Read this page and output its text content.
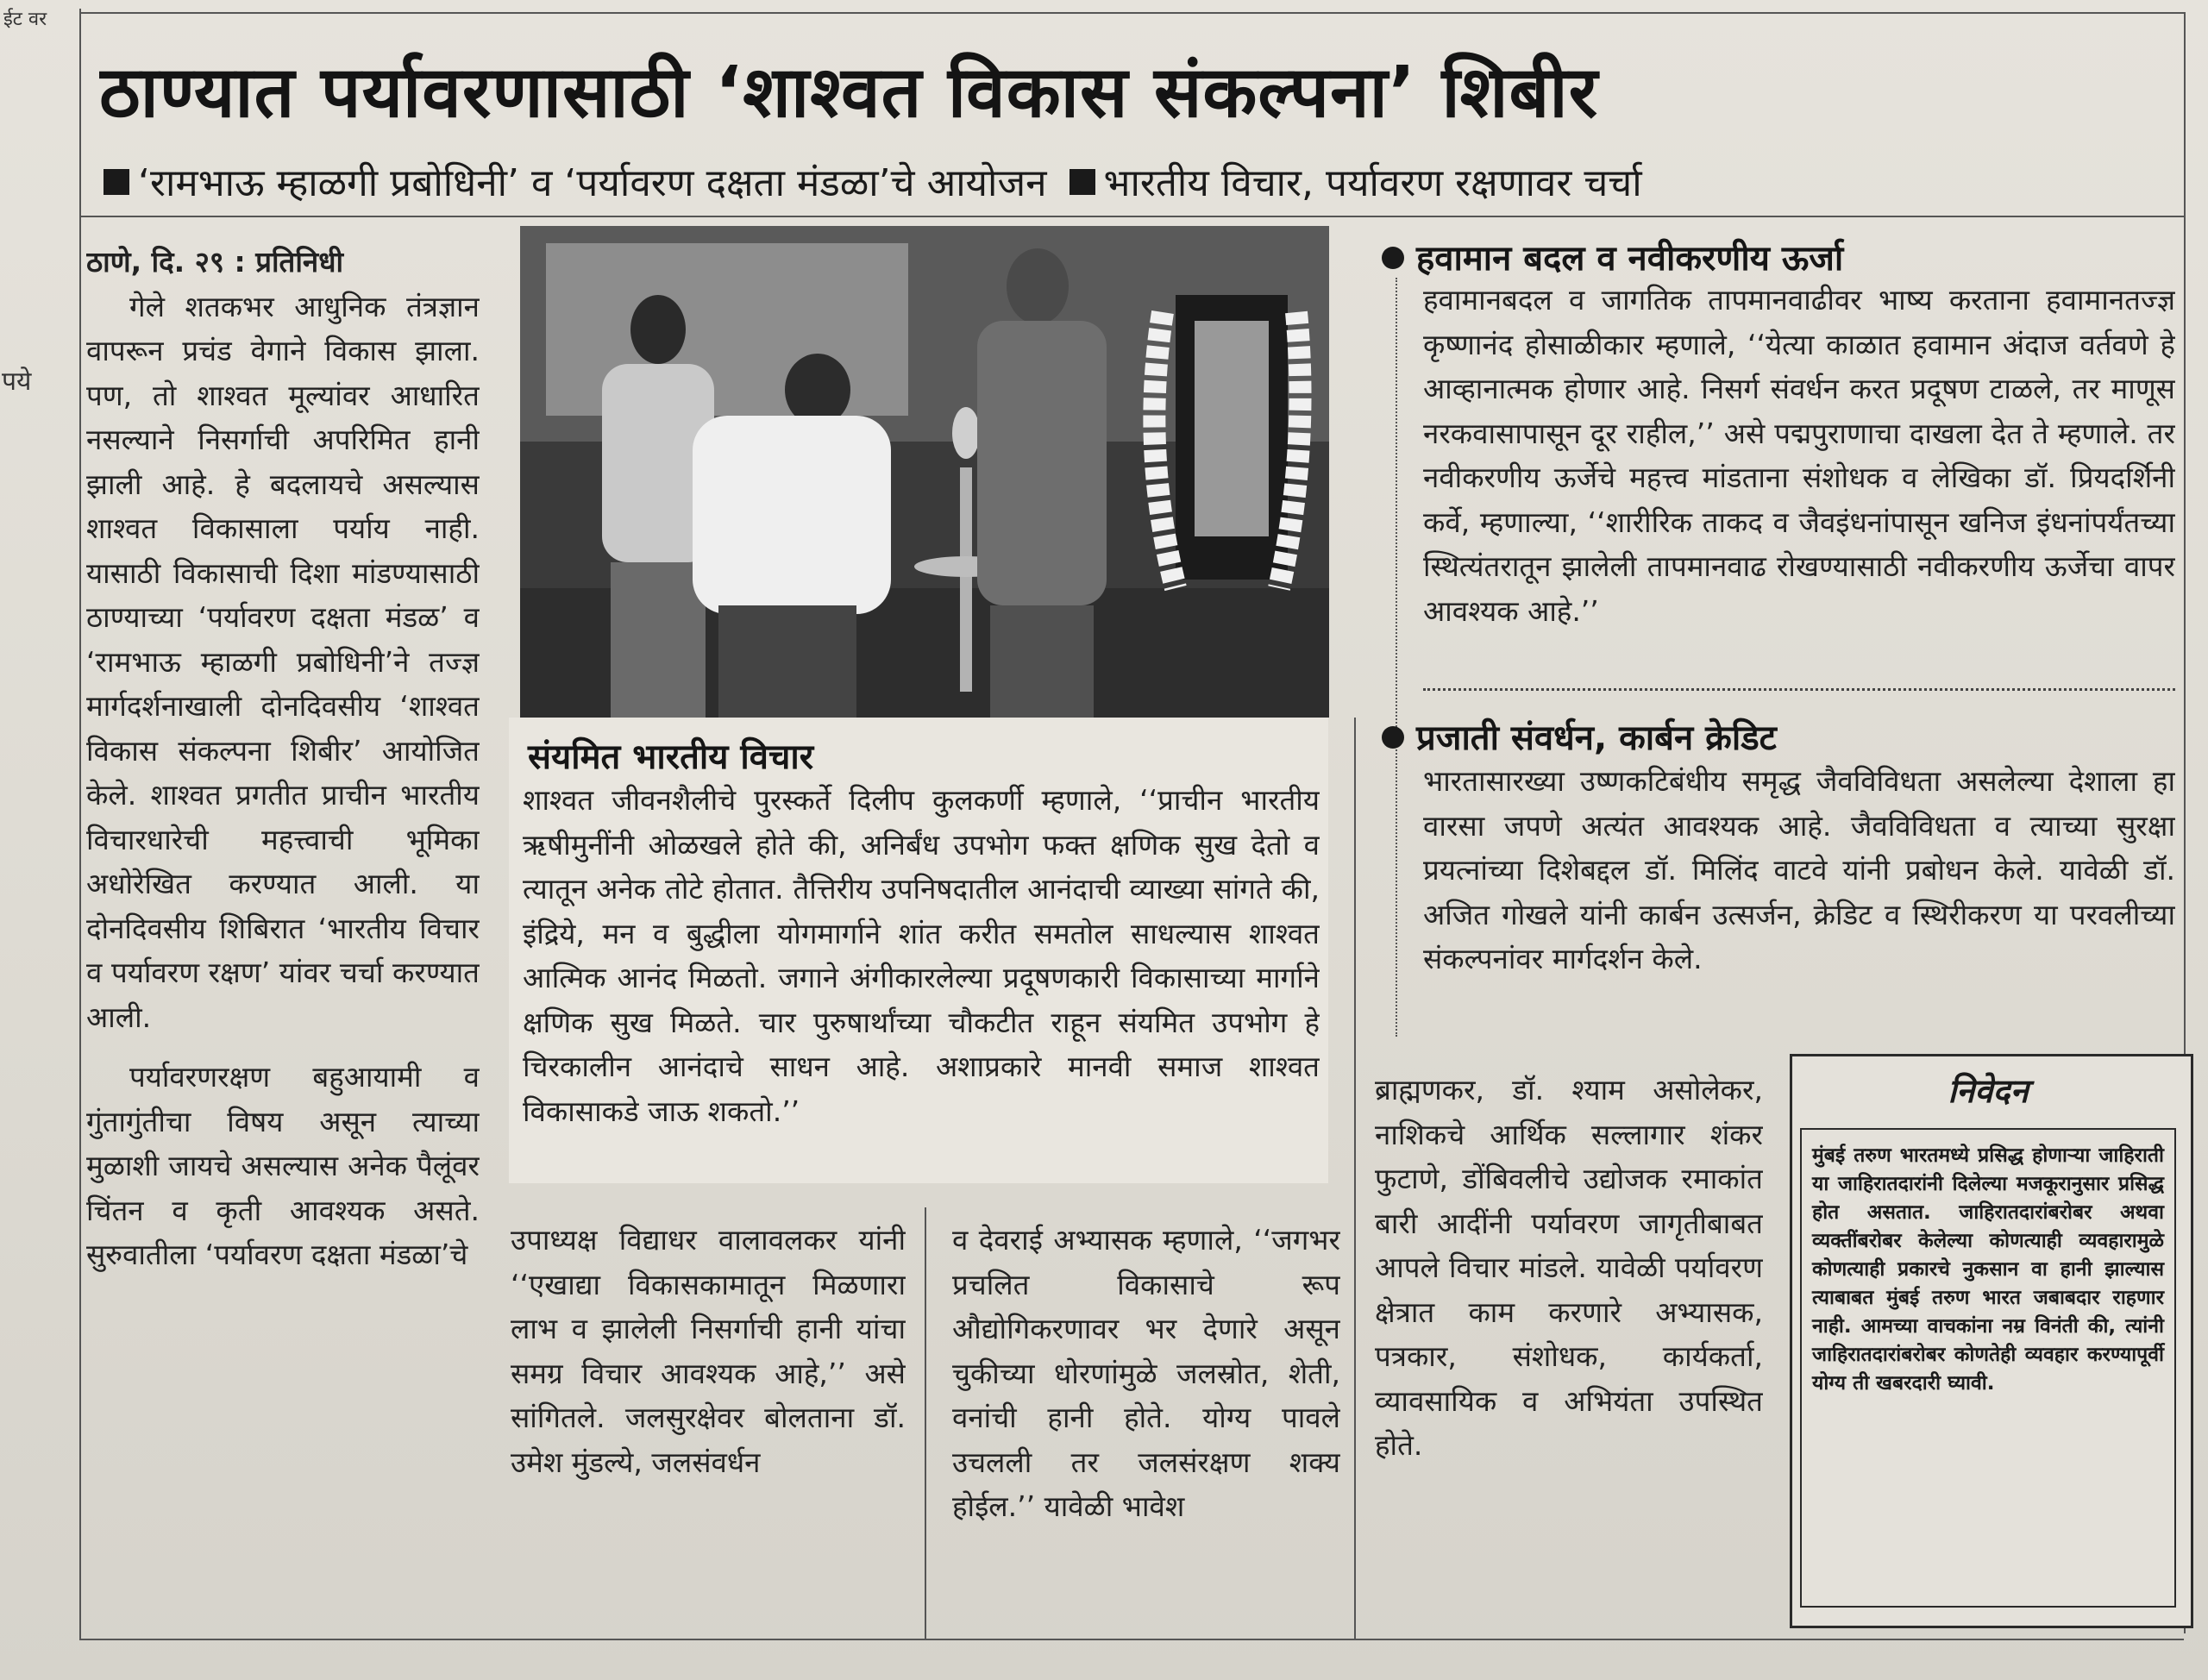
ईट वर
पये
ठाण्यात पर्यावरणासाठी ‘शाश्वत विकास संकल्पना’ शिबीर
‘रामभाऊ म्हाळगी प्रबोधिनी’ व ‘पर्यावरण दक्षता मंडळा’चे आयोजन भारतीय विचार, पर्यावरण रक्षणावर चर्चा

ठाणे, दि. २९ : प्रतिनिधी

गेले शतकभर आधुनिक तंत्रज्ञान वापरून प्रचंड वेगाने विकास झाला. पण, तो शाश्वत मूल्यांवर आधारित नसल्याने निसर्गाची अपरिमित हानी झाली आहे. हे बदलायचे असल्यास शाश्वत विकासाला पर्याय नाही. यासाठी विकासाची दिशा मांडण्यासाठी ठाण्याच्या ‘पर्यावरण दक्षता मंडळ’ व ‘रामभाऊ म्हाळगी प्रबोधिनी’ने तज्ज्ञ मार्गदर्शनाखाली दोनदिवसीय ‘शाश्वत विकास संकल्पना शिबीर’ आयोजित केले. शाश्वत प्रगतीत प्राचीन भारतीय विचारधारेची महत्त्वाची भूमिका अधोरेखित करण्यात आली. या दोनदिवसीय शिबिरात ‘भारतीय विचार व पर्यावरण रक्षण’ यांवर चर्चा करण्यात आली.

पर्यावरणरक्षण बहुआयामी व गुंतागुंतीचा विषय असून त्याच्या मुळाशी जायचे असल्यास अनेक पैलूंवर चिंतन व कृती आवश्यक असते. सुरुवातीला ‘पर्यावरण दक्षता मंडळा’चे

संयमित भारतीय विचार
शाश्वत जीवनशैलीचे पुरस्कर्ते दिलीप कुलकर्णी म्हणाले, ‘‘प्राचीन भारतीय ऋषीमुनींनी ओळखले होते की, अनिर्बंध उपभोग फक्त क्षणिक सुख देतो व त्यातून अनेक तोटे होतात. तैत्तिरीय उपनिषदातील आनंदाची व्याख्या सांगते की, इंद्रिये, मन व बुद्धीला योगमार्गाने शांत करीत समतोल साधल्यास शाश्वत आत्मिक आनंद मिळतो. जगाने अंगीकारलेल्या प्रदूषणकारी विकासाच्या मार्गाने क्षणिक सुख मिळते. चार पुरुषार्थांच्या चौकटीत राहून संयमित उपभोग हे चिरकालीन आनंदाचे साधन आहे. अशाप्रकारे मानवी समाज शाश्वत विकासाकडे जाऊ शकतो.’’
उपाध्यक्ष विद्याधर वालावलकर यांनी ‘‘एखाद्या विकासकामातून मिळणारा लाभ व झालेली निसर्गाची हानी यांचा समग्र विचार आवश्यक आहे,’’ असे सांगितले. जलसुरक्षेवर बोलताना डॉ. उमेश मुंडल्ये, जलसंवर्धन
व देवराई अभ्यासक म्हणाले, ‘‘जगभर प्रचलित विकासाचे रूप औद्योगिकरणावर भर देणारे असून चुकीच्या धोरणांमुळे जलस्रोत, शेती, वनांची हानी होते. योग्य पावले उचलली तर जलसंरक्षण शक्य होईल.’’ यावेळी भावेश
ब्राह्मणकर, डॉ. श्याम असोलेकर, नाशिकचे आर्थिक सल्लागार शंकर फुटाणे, डोंबिवलीचे उद्योजक रमाकांत बारी आदींनी पर्यावरण जागृतीबाबत आपले विचार मांडले. यावेळी पर्यावरण क्षेत्रात काम करणारे अभ्यासक, पत्रकार, संशोधक, कार्यकर्ता, व्यावसायिक व अभियंता उपस्थित होते.
हवामान बदल व नवीकरणीय ऊर्जा
हवामानबदल व जागतिक तापमानवाढीवर भाष्य करताना हवामानतज्ज्ञ कृष्णानंद होसाळीकार म्हणाले, ‘‘येत्या काळात हवामान अंदाज वर्तवणे हे आव्हानात्मक होणार आहे. निसर्ग संवर्धन करत प्रदूषण टाळले, तर माणूस नरकवासापासून दूर राहील,’’ असे पद्मपुराणाचा दाखला देत ते म्हणाले. तर नवीकरणीय ऊर्जेचे महत्त्व मांडताना संशोधक व लेखिका डॉ. प्रियदर्शिनी कर्वे, म्हणाल्या, ‘‘शारीरिक ताकद व जैवइंधनांपासून खनिज इंधनांपर्यंतच्या स्थित्यंतरातून झालेली तापमानवाढ रोखण्यासाठी नवीकरणीय ऊर्जेचा वापर आवश्यक आहे.’’
प्रजाती संवर्धन, कार्बन क्रेडिट
भारतासारख्या उष्णकटिबंधीय समृद्ध जैवविविधता असलेल्या देशाला हा वारसा जपणे अत्यंत आवश्यक आहे. जैवविविधता व त्याच्या सुरक्षा प्रयत्नांच्या दिशेबद्दल डॉ. मिलिंद वाटवे यांनी प्रबोधन केले. यावेळी डॉ. अजित गोखले यांनी कार्बन उत्सर्जन, क्रेडिट व स्थिरीकरण या परवलीच्या संकल्पनांवर मार्गदर्शन केले.
निवेदन
मुंबई तरुण भारतमध्ये प्रसिद्ध होणाऱ्या जाहिराती या जाहिरातदारांनी दिलेल्या मजकूरानुसार प्रसिद्ध होत असतात. जाहिरातदारांबरोबर अथवा व्यक्तींबरोबर केलेल्या कोणत्याही व्यवहारामुळे कोणत्याही प्रकारचे नुकसान वा हानी झाल्यास त्याबाबत मुंबई तरुण भारत जबाबदार राहणार नाही. आमच्या वाचकांना नम्र विनंती की, त्यांनी जाहिरातदारांबरोबर कोणतेही व्यवहार करण्यापूर्वी योग्य ती खबरदारी घ्यावी.
